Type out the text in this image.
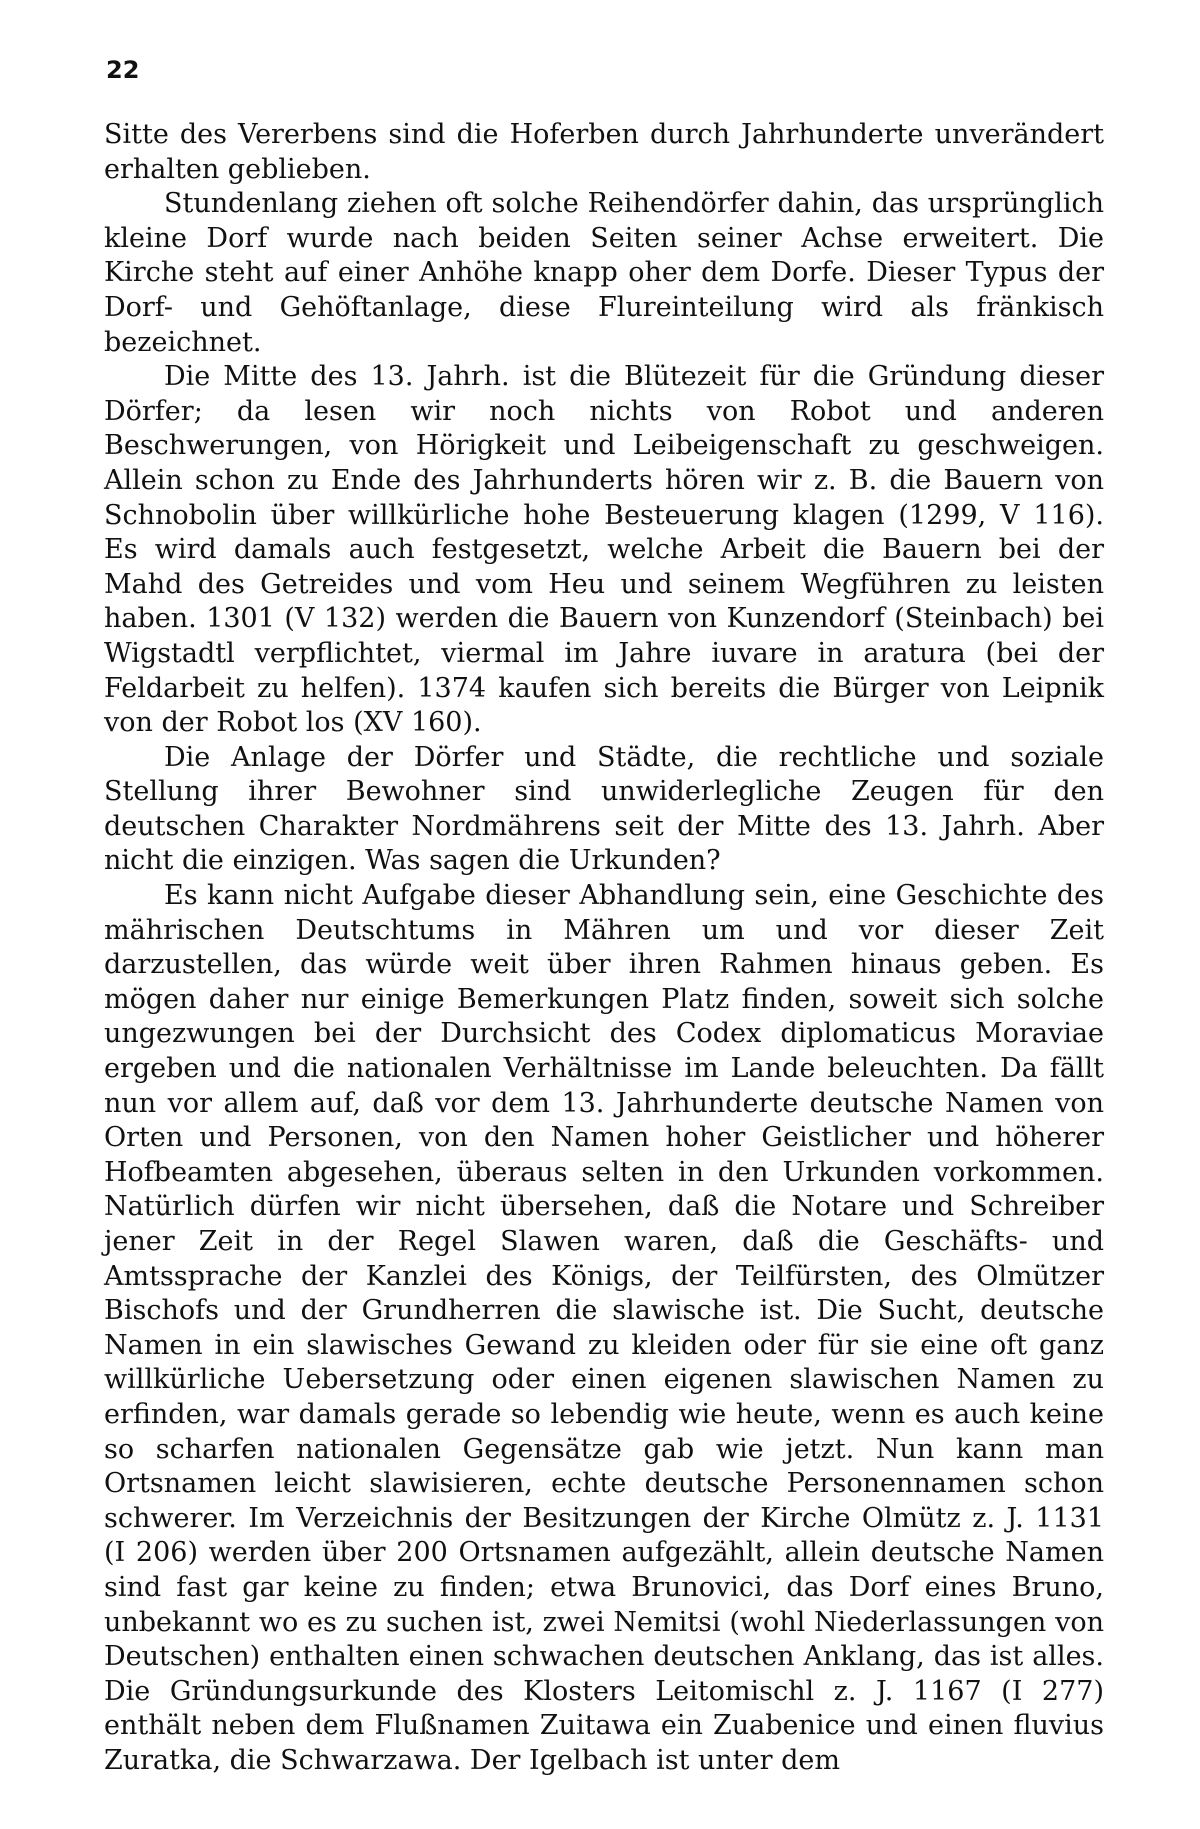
22

Sitte des Vererbens sind die Hoferben durch Jahrhunderte unverändert erhalten geblieben.

Stundenlang ziehen oft solche Reihendörfer dahin, das ursprünglich kleine Dorf wurde nach beiden Seiten seiner Achse erweitert. Die Kirche steht auf einer Anhöhe knapp oher dem Dorfe. Dieser Typus der Dorf- und Gehöftanlage, diese Flureinteilung wird als fränkisch bezeichnet.

Die Mitte des 13. Jahrh. ist die Blütezeit für die Gründung dieser Dörfer; da lesen wir noch nichts von Robot und anderen Beschwerungen, von Hörigkeit und Leibeigenschaft zu geschweigen. Allein schon zu Ende des Jahrhunderts hören wir z. B. die Bauern von Schnobolin über willkürliche hohe Besteuerung klagen (1299, V 116). Es wird damals auch festgesetzt, welche Arbeit die Bauern bei der Mahd des Getreides und vom Heu und seinem Wegführen zu leisten haben. 1301 (V 132) werden die Bauern von Kunzendorf (Steinbach) bei Wigstadtl verpflichtet, viermal im Jahre iuvare in aratura (bei der Feldarbeit zu helfen). 1374 kaufen sich bereits die Bürger von Leipnik von der Robot los (XV 160).

Die Anlage der Dörfer und Städte, die rechtliche und soziale Stellung ihrer Bewohner sind unwiderlegliche Zeugen für den deutschen Charakter Nordmährens seit der Mitte des 13. Jahrh. Aber nicht die einzigen. Was sagen die Urkunden?

Es kann nicht Aufgabe dieser Abhandlung sein, eine Geschichte des mährischen Deutschtums in Mähren um und vor dieser Zeit darzustellen, das würde weit über ihren Rahmen hinaus geben. Es mögen daher nur einige Bemerkungen Platz finden, soweit sich solche ungezwungen bei der Durchsicht des Codex diplomaticus Moraviae ergeben und die nationalen Verhältnisse im Lande beleuchten. Da fällt nun vor allem auf, daß vor dem 13. Jahrhunderte deutsche Namen von Orten und Personen, von den Namen hoher Geistlicher und höherer Hofbeamten abgesehen, überaus selten in den Urkunden vorkommen. Natürlich dürfen wir nicht übersehen, daß die Notare und Schreiber jener Zeit in der Regel Slawen waren, daß die Geschäfts- und Amtssprache der Kanzlei des Königs, der Teilfürsten, des Olmützer Bischofs und der Grundherren die slawische ist. Die Sucht, deutsche Namen in ein slawisches Gewand zu kleiden oder für sie eine oft ganz willkürliche Uebersetzung oder einen eigenen slawischen Namen zu erfinden, war damals gerade so lebendig wie heute, wenn es auch keine so scharfen nationalen Gegensätze gab wie jetzt. Nun kann man Ortsnamen leicht slawisieren, echte deutsche Personennamen schon schwerer. Im Verzeichnis der Besitzungen der Kirche Olmütz z. J. 1131 (I 206) werden über 200 Ortsnamen aufgezählt, allein deutsche Namen sind fast gar keine zu finden; etwa Brunovici, das Dorf eines Bruno, unbekannt wo es zu suchen ist, zwei Nemitsi (wohl Niederlassungen von Deutschen) enthalten einen schwachen deutschen Anklang, das ist alles. Die Gründungsurkunde des Klosters Leitomischl z. J. 1167 (I 277) enthält neben dem Flußnamen Zuitawa ein Zuabenice und einen fluvius Zuratka, die Schwarzawa. Der Igelbach ist unter dem
